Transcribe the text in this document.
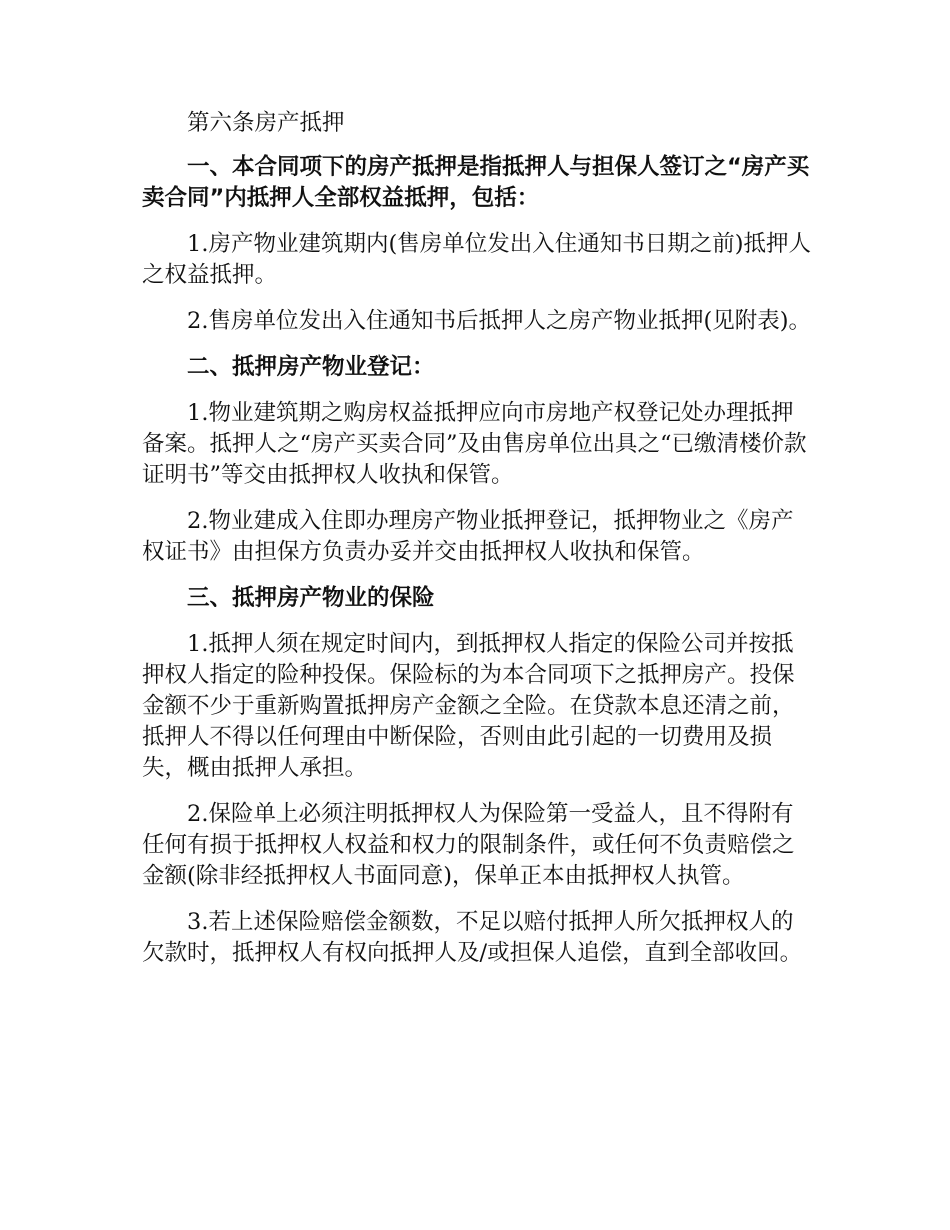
第六条房产抵押

一、本合同项下的房产抵押是指抵押人与担保人签订之“房产买卖合同”内抵押人全部权益抵押，包括：

1.房产物业建筑期内(售房单位发出入住通知书日期之前)抵押人之权益抵押。

2.售房单位发出入住通知书后抵押人之房产物业抵押(见附表)。

二、抵押房产物业登记：

1.物业建筑期之购房权益抵押应向市房地产权登记处办理抵押备案。抵押人之“房产买卖合同”及由售房单位出具之“已缴清楼价款证明书”等交由抵押权人收执和保管。

2.物业建成入住即办理房产物业抵押登记，抵押物业之《房产权证书》由担保方负责办妥并交由抵押权人收执和保管。

三、抵押房产物业的保险

1.抵押人须在规定时间内，到抵押权人指定的保险公司并按抵押权人指定的险种投保。保险标的为本合同项下之抵押房产。投保金额不少于重新购置抵押房产金额之全险。在贷款本息还清之前，抵押人不得以任何理由中断保险，否则由此引起的一切费用及损失，概由抵押人承担。

2.保险单上必须注明抵押权人为保险第一受益人，且不得附有任何有损于抵押权人权益和权力的限制条件，或任何不负责赔偿之金额(除非经抵押权人书面同意)，保单正本由抵押权人执管。

3.若上述保险赔偿金额数，不足以赔付抵押人所欠抵押权人的欠款时，抵押权人有权向抵押人及/或担保人追偿，直到全部收回。
